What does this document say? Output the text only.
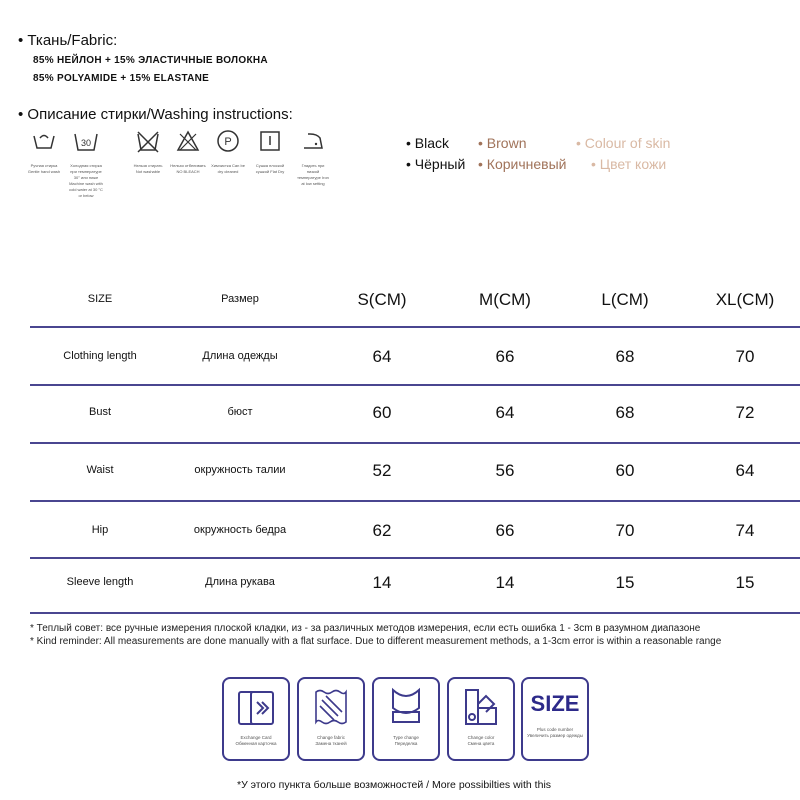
• Ткань/Fabric:
85% НЕЙЛОН + 15% ЭЛАСТИЧНЫЕ ВОЛОКНА
85% POLYAMIDE + 15% ELASTANE
• Описание стирки/Washing instructions:
Ручная стирка Gentle hand wash
30
Холодная стирка при температуре 30° или ниже Machine wash with cold water at 30 °C or below
Нельзя стирать Not washable
Нельзя отбеливать NO BLEACH
P
Химчистка Can be dry cleaned
Сушка плоской сушкой Flat Dry
Гладить при низкой температуре Iron at low setting
• Black • Brown	• Colour of skin
• Чёрный • Коричневый • Цвет кожи
SIZE	Размер	S(CM)	M(CM)	L(CM)	XL(CM)
Clothing length	Длина одежды	64	66	68	70
Bust	бюст	60	64	68	72
Waist	окружность талии	52	56	60	64
Hip	окружность бедра	62	66	70	74
Sleeve length	Длина рукава	14	14	15	15
* Теплый совет: все ручные измерения плоской кладки, из - за различных методов измерения, если есть ошибка 1 - 3cm в разумном диапазоне
* Kind reminder: All measurements are done manually with a flat surface. Due to different measurement methods, a 1-3cm error is within a reasonable range
Exchange Card
Обменная карточка
Change fabric
Замена тканей
Type change
Переделка
Change color
Смена цвета
SIZE
Plus code number
Увеличить размер одежды
*У этого пункта больше возможностей / More possibilties with this
